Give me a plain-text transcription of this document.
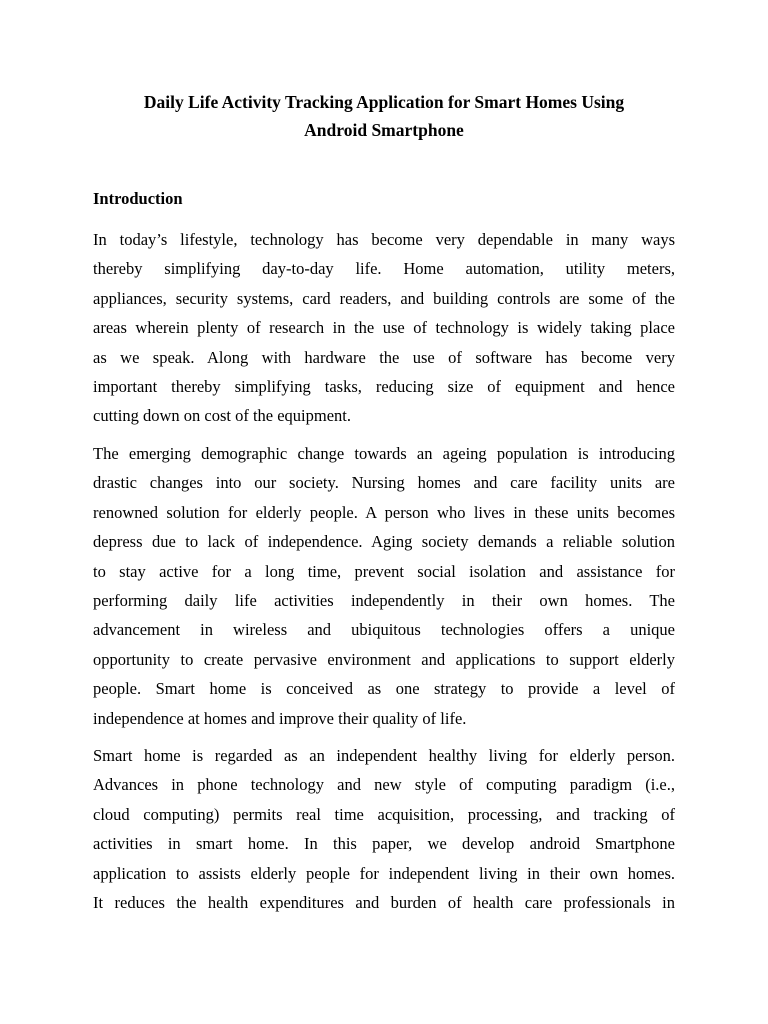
Daily Life Activity Tracking Application for Smart Homes Using
Android Smartphone
Introduction
In today’s lifestyle, technology has become very dependable in many ways
thereby simplifying day-to-day life. Home automation, utility meters,
appliances, security systems, card readers, and building controls are some of the
areas wherein plenty of research in the use of technology is widely taking place
as we speak. Along with hardware the use of software has become very
important thereby simplifying tasks, reducing size of equipment and hence
cutting down on cost of the equipment.
The emerging demographic change towards an ageing population is introducing
drastic changes into our society. Nursing homes and care facility units are
renowned solution for elderly people. A person who lives in these units becomes
depress due to lack of independence. Aging society demands a reliable solution
to stay active for a long time, prevent social isolation and assistance for
performing daily life activities independently in their own homes. The
advancement in wireless and ubiquitous technologies offers a unique
opportunity to create pervasive environment and applications to support elderly
people. Smart home is conceived as one strategy to provide a level of
independence at homes and improve their quality of life.
Smart home is regarded as an independent healthy living for elderly person.
Advances in phone technology and new style of computing paradigm (i.e.,
cloud computing) permits real time acquisition, processing, and tracking of
activities in smart home. In this paper, we develop android Smartphone
application to assists elderly people for independent living in their own homes.
It reduces the health expenditures and burden of health care professionals in
